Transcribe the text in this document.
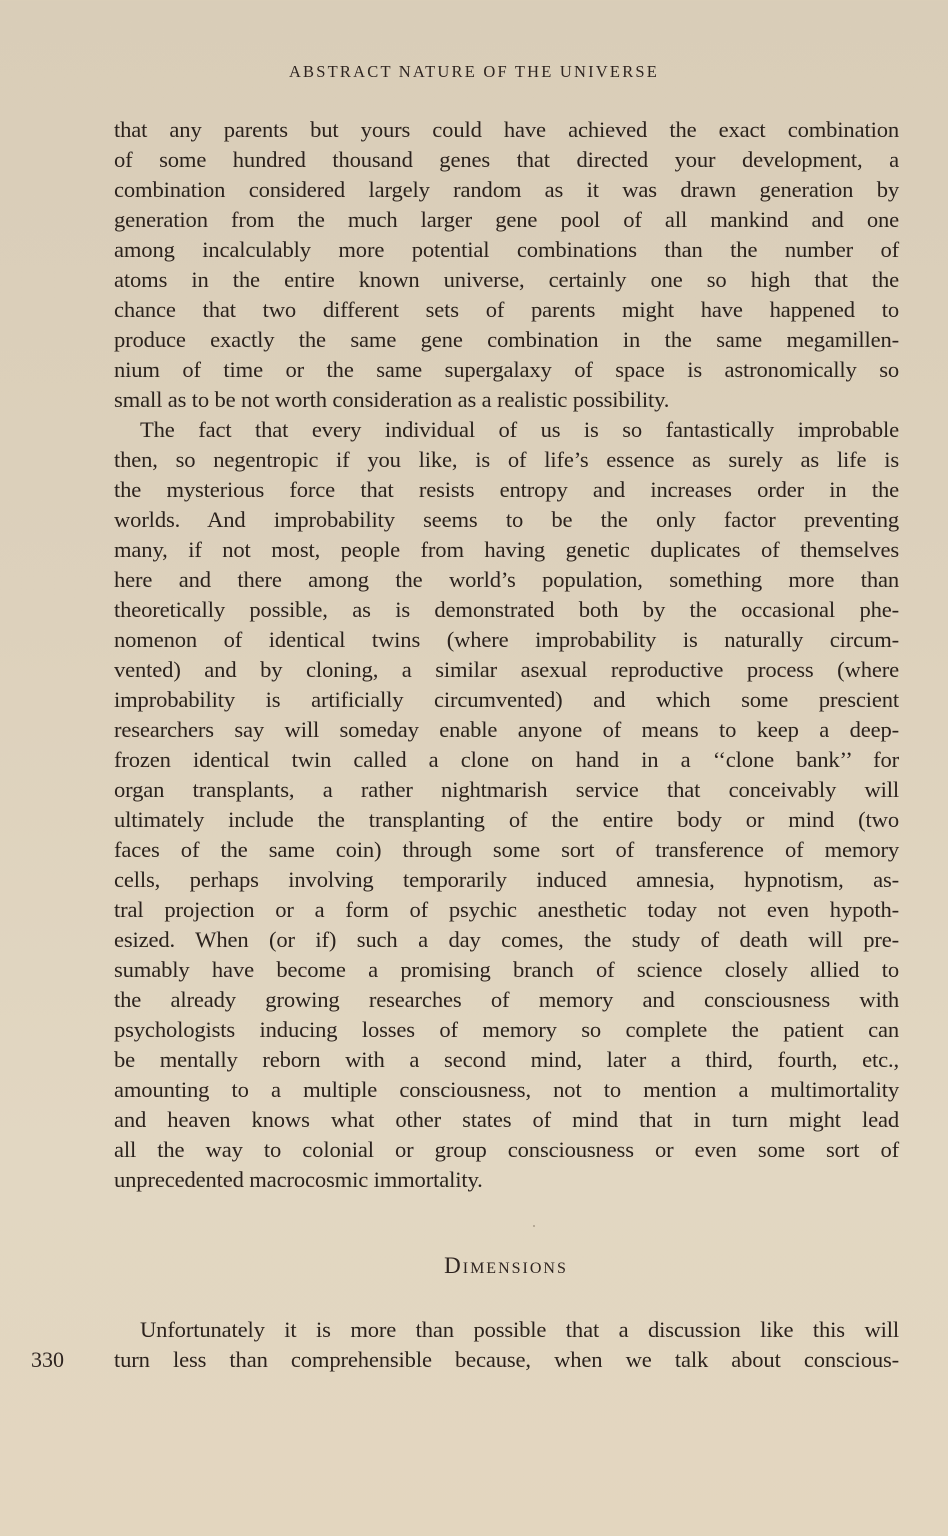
ABSTRACT NATURE OF THE UNIVERSE
that any parents but yours could have achieved the exact combination
of some hundred thousand genes that directed your development, a
combination considered largely random as it was drawn generation by
generation from the much larger gene pool of all mankind and one
among incalculably more potential combinations than the number of
atoms in the entire known universe, certainly one so high that the
chance that two different sets of parents might have happened to
produce exactly the same gene combination in the same megamillen-
nium of time or the same supergalaxy of space is astronomically so
small as to be not worth consideration as a realistic possibility.
The fact that every individual of us is so fantastically improbable
then, so negentropic if you like, is of life’s essence as surely as life is
the mysterious force that resists entropy and increases order in the
worlds. And improbability seems to be the only factor preventing
many, if not most, people from having genetic duplicates of themselves
here and there among the world’s population, something more than
theoretically possible, as is demonstrated both by the occasional phe-
nomenon of identical twins (where improbability is naturally circum-
vented) and by cloning, a similar asexual reproductive process (where
improbability is artificially circumvented) and which some prescient
researchers say will someday enable anyone of means to keep a deep-
frozen identical twin called a clone on hand in a ‘‘clone bank’’ for
organ transplants, a rather nightmarish service that conceivably will
ultimately include the transplanting of the entire body or mind (two
faces of the same coin) through some sort of transference of memory
cells, perhaps involving temporarily induced amnesia, hypnotism, as-
tral projection or a form of psychic anesthetic today not even hypoth-
esized. When (or if) such a day comes, the study of death will pre-
sumably have become a promising branch of science closely allied to
the already growing researches of memory and consciousness with
psychologists inducing losses of memory so complete the patient can
be mentally reborn with a second mind, later a third, fourth, etc.,
amounting to a multiple consciousness, not to mention a multimortality
and heaven knows what other states of mind that in turn might lead
all the way to colonial or group consciousness or even some sort of
unprecedented macrocosmic immortality.
Dimensions
Unfortunately it is more than possible that a discussion like this will
turn less than comprehensible because, when we talk about conscious-
330
